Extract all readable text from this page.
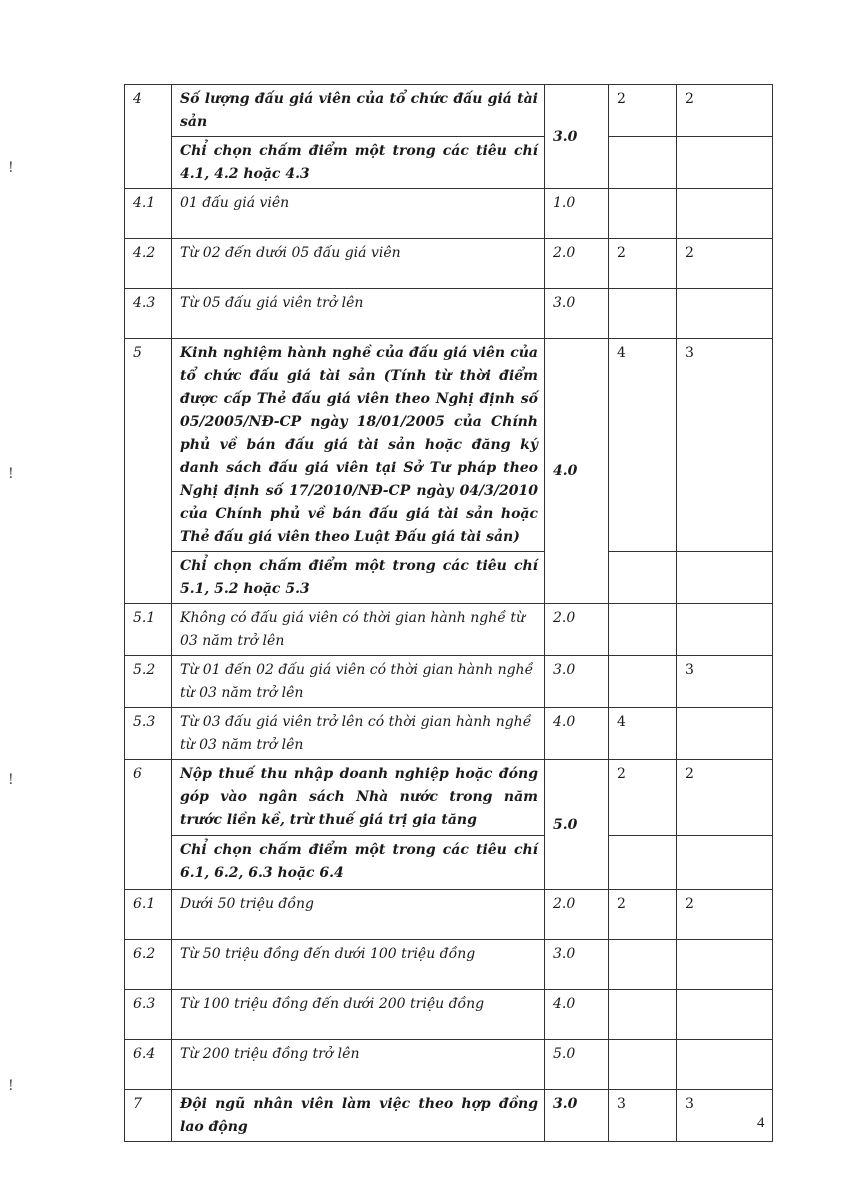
!
!
!
!
4	Số lượng đấu giá viên của tổ chức đấu giá tài sản	3.0	2	2
	Chỉ chọn chấm điểm một trong các tiêu chí 4.1, 4.2 hoặc 4.3			
4.1	01 đấu giá viên	1.0		
4.2	Từ 02 đến dưới 05 đấu giá viên	2.0	2	2
4.3	Từ 05 đấu giá viên trở lên	3.0		
5	Kinh nghiệm hành nghề của đấu giá viên của tổ chức đấu giá tài sản (Tính từ thời điểm được cấp Thẻ đấu giá viên theo Nghị định số 05/2005/NĐ-CP ngày 18/01/2005 của Chính phủ về bán đấu giá tài sản hoặc đăng ký danh sách đấu giá viên tại Sở Tư pháp theo Nghị định số 17/2010/NĐ-CP ngày 04/3/2010 của Chính phủ về bán đấu giá tài sản hoặc Thẻ đấu giá viên theo Luật Đấu giá tài sản)	4.0	4	3
	Chỉ chọn chấm điểm một trong các tiêu chí 5.1, 5.2 hoặc 5.3			
5.1	Không có đấu giá viên có thời gian hành nghề từ 03 năm trở lên	2.0		
5.2	Từ 01 đến 02 đấu giá viên có thời gian hành nghề từ 03 năm trở lên	3.0		3
5.3	Từ 03 đấu giá viên trở lên có thời gian hành nghề từ 03 năm trở lên	4.0	4	
6	Nộp thuế thu nhập doanh nghiệp hoặc đóng góp vào ngân sách Nhà nước trong năm trước liền kề, trừ thuế giá trị gia tăng	5.0	2	2
	Chỉ chọn chấm điểm một trong các tiêu chí 6.1, 6.2, 6.3 hoặc 6.4			
6.1	Dưới 50 triệu đồng	2.0	2	2
6.2	Từ 50 triệu đồng đến dưới 100 triệu đồng	3.0		
6.3	Từ 100 triệu đồng đến dưới 200 triệu đồng	4.0		
6.4	Từ 200 triệu đồng trở lên	5.0		
7	Đội ngũ nhân viên làm việc theo hợp đồng lao động	3.0	3	3
4
